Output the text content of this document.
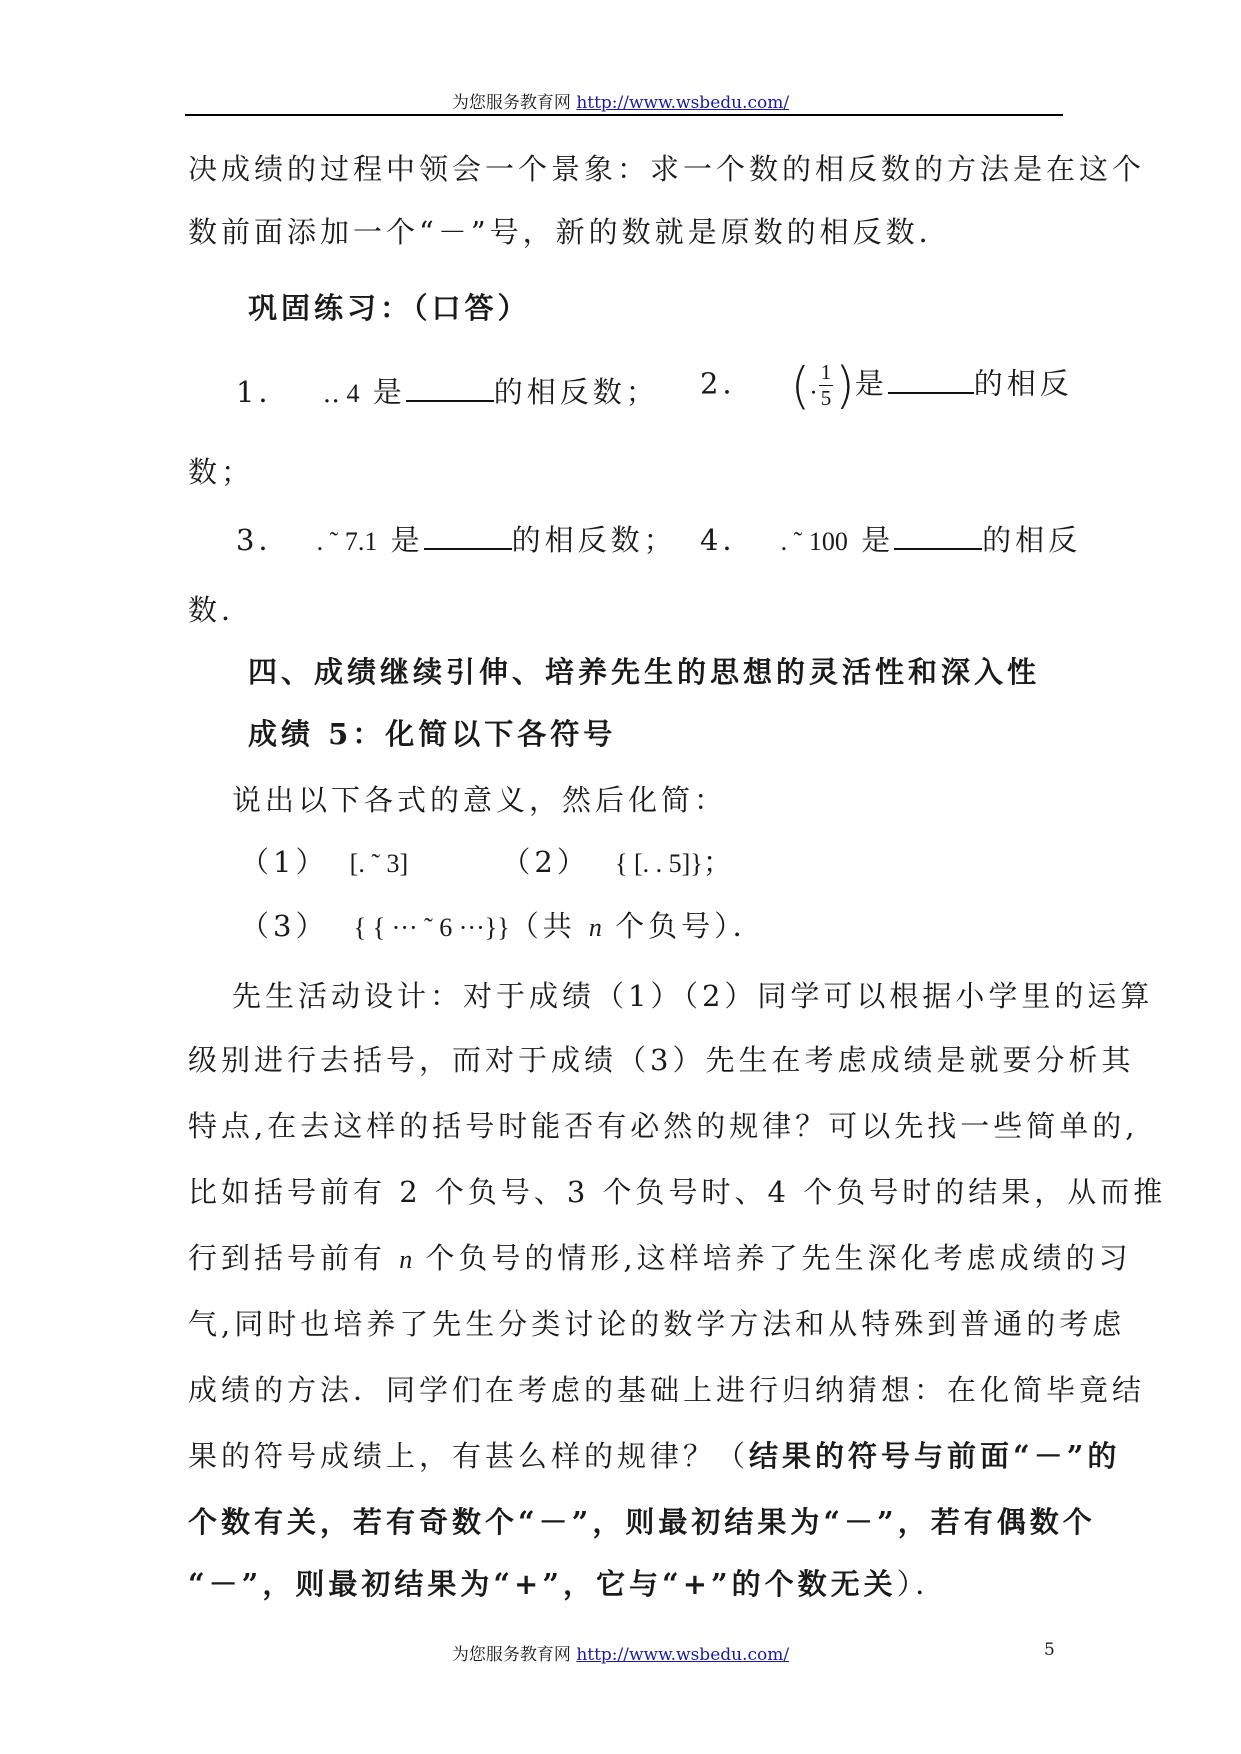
为您服务教育网 http://www.wsbedu.com/
决成绩的过程中领会一个景象：求一个数的相反数的方法是在这个
数前面添加一个“－”号，新的数就是原数的相反数．
巩固练习：（口答）
1． ‥ 4 是	的相反数； 2． (. $\frac{1}{5}$ )是	的相反
数；
3． . ˜ 7.1 是	的相反数； 4． . ˜ 100 是	的相反
数．
四、成绩继续引伸、培养先生的思想的灵活性和深入性
成绩 5：化简以下各符号
说出以下各式的意义，然后化简：
（1） [. ˜ 3]	（2） { [. . 5]}；
（3） { { ··· ˜ 6 ···}}（共 n 个负号）．
先生活动设计：对于成绩（1）（2）同学可以根据小学里的运算
级别进行去括号，而对于成绩（3）先生在考虑成绩是就要分析其
特点,在去这样的括号时能否有必然的规律？可以先找一些简单的,
比如括号前有 2 个负号、3 个负号时、4 个负号时的结果，从而推
行到括号前有 n 个负号的情形,这样培养了先生深化考虑成绩的习
气,同时也培养了先生分类讨论的数学方法和从特殊到普通的考虑
成绩的方法．同学们在考虑的基础上进行归纳猜想：在化简毕竟结
果的符号成绩上，有甚么样的规律？（结果的符号与前面“－”的
个数有关，若有奇数个“－”，则最初结果为“－”，若有偶数个
“－”，则最初结果为“+”，它与“+”的个数无关）．
为您服务教育网 http://www.wsbedu.com/	5
